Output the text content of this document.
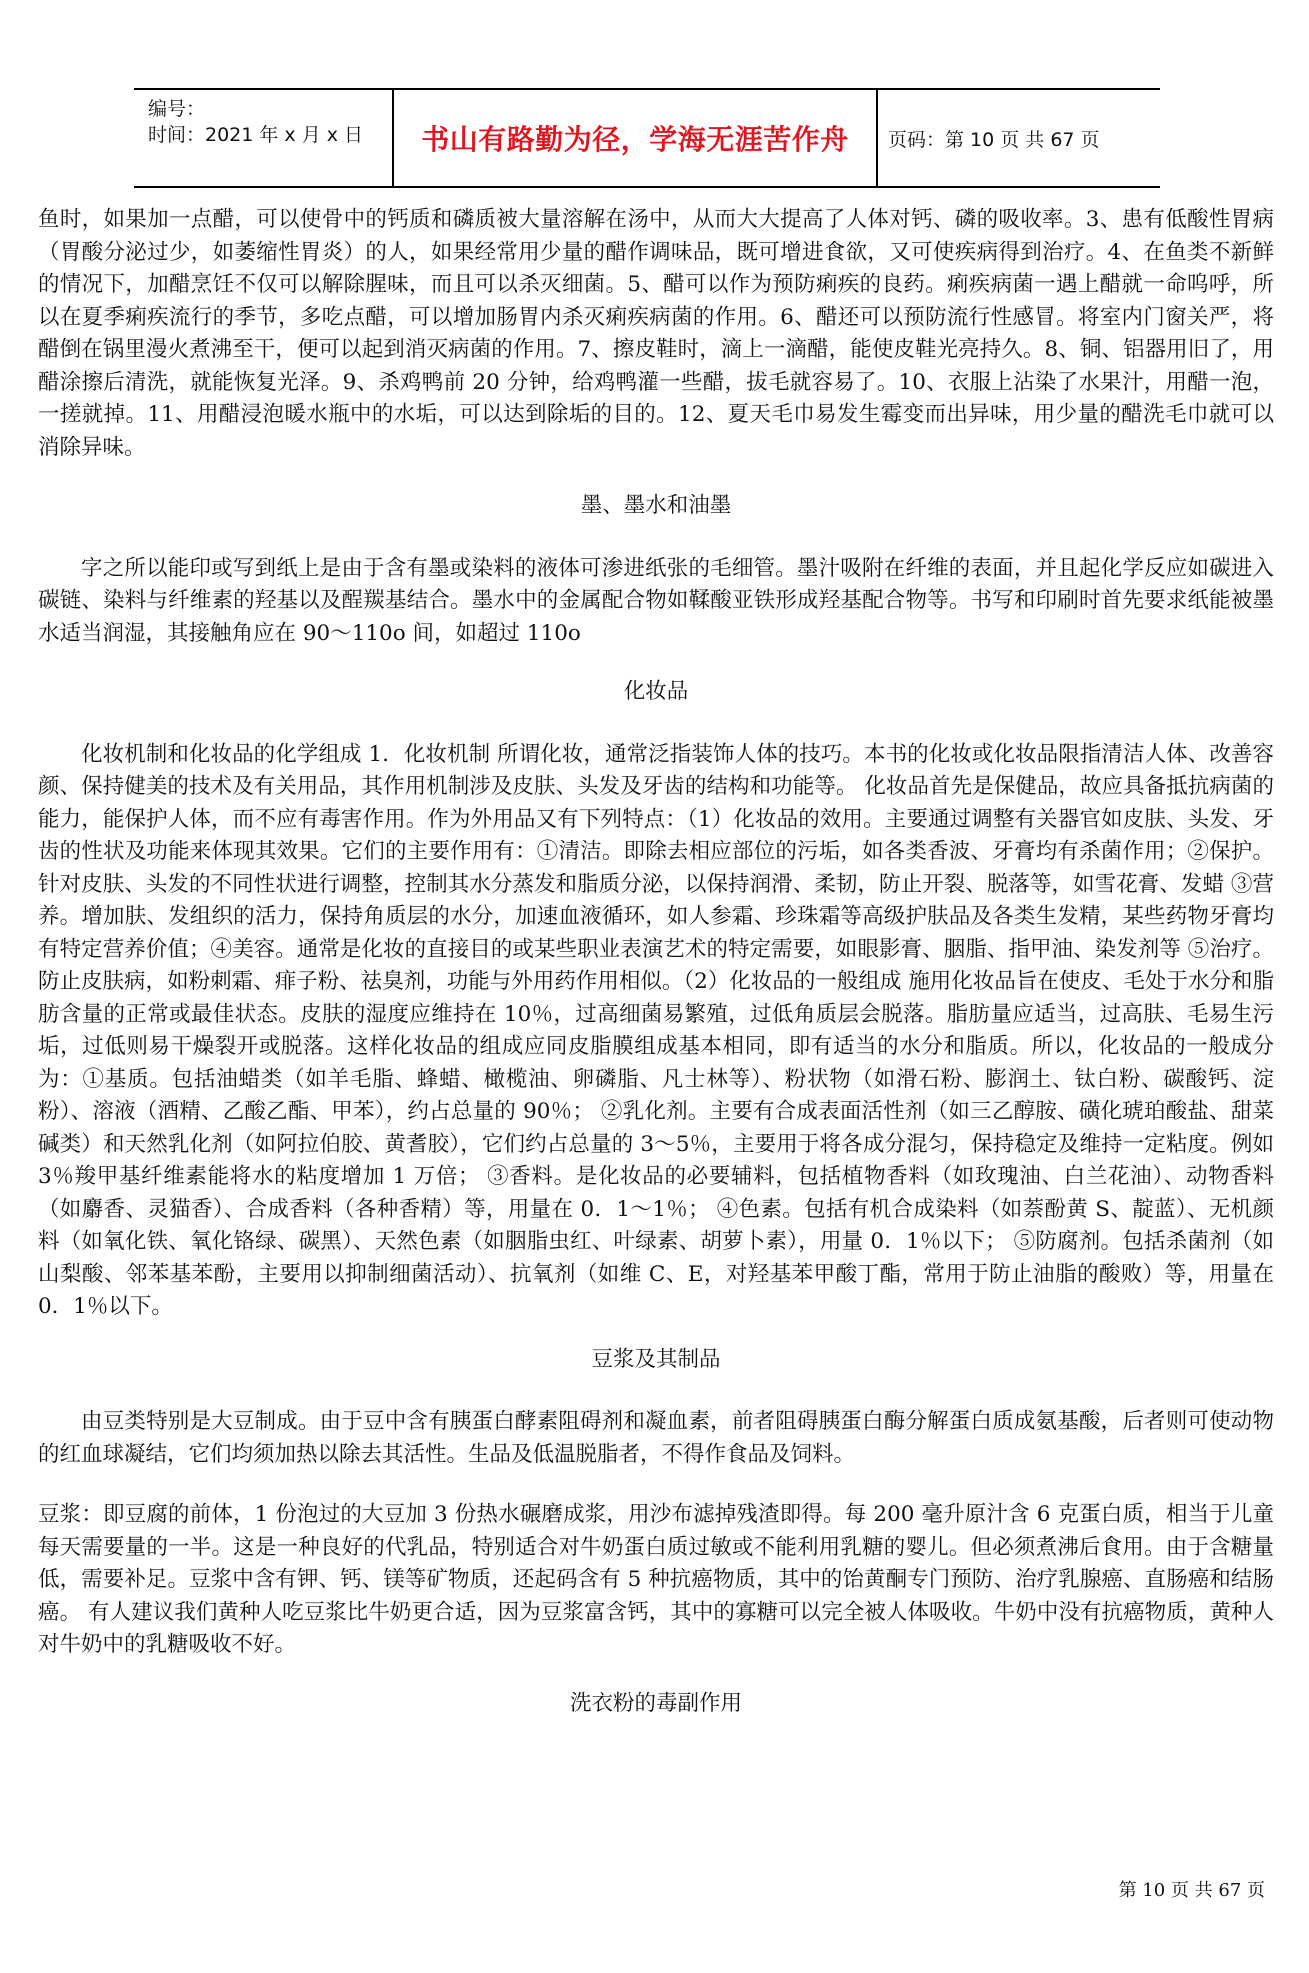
编号：
时间：2021 年 x 月 x 日	书山有路勤为径，学海无涯苦作舟	页码：第 10 页 共 67 页

鱼时，如果加一点醋，可以使骨中的钙质和磷质被大量溶解在汤中，从而大大提高了人体对钙、磷的吸收率。3、患有低酸性胃病（胃酸分泌过少，如萎缩性胃炎）的人，如果经常用少量的醋作调味品，既可增进食欲，又可使疾病得到治疗。4、在鱼类不新鲜的情况下，加醋烹饪不仅可以解除腥味，而且可以杀灭细菌。5、醋可以作为预防痢疾的良药。痢疾病菌一遇上醋就一命呜呼，所以在夏季痢疾流行的季节，多吃点醋，可以增加肠胃内杀灭痢疾病菌的作用。6、醋还可以预防流行性感冒。将室内门窗关严，将醋倒在锅里漫火煮沸至干，便可以起到消灭病菌的作用。7、擦皮鞋时，滴上一滴醋，能使皮鞋光亮持久。8、铜、铝器用旧了，用醋涂擦后清洗，就能恢复光泽。9、杀鸡鸭前 20 分钟，给鸡鸭灌一些醋，拔毛就容易了。10、衣服上沾染了水果汁，用醋一泡，一搓就掉。11、用醋浸泡暖水瓶中的水垢，可以达到除垢的目的。12、夏天毛巾易发生霉变而出异味，用少量的醋洗毛巾就可以消除异味。

墨、墨水和油墨

字之所以能印或写到纸上是由于含有墨或染料的液体可渗进纸张的毛细管。墨汁吸附在纤维的表面，并且起化学反应如碳进入碳链、染料与纤维素的羟基以及酲羰基结合。墨水中的金属配合物如鞣酸亚铁形成羟基配合物等。书写和印刷时首先要求纸能被墨水适当润湿，其接触角应在 90～110o 间，如超过 110o

化妆品

化妆机制和化妆品的化学组成 1．化妆机制 所谓化妆，通常泛指装饰人体的技巧。本书的化妆或化妆品限指清洁人体、改善容颜、保持健美的技术及有关用品，其作用机制涉及皮肤、头发及牙齿的结构和功能等。 化妆品首先是保健品，故应具备抵抗病菌的能力，能保护人体，而不应有毒害作用。作为外用品又有下列特点：（1）化妆品的效用。主要通过调整有关器官如皮肤、头发、牙齿的性状及功能来体现其效果。它们的主要作用有：①清洁。即除去相应部位的污垢，如各类香波、牙膏均有杀菌作用；②保护。针对皮肤、头发的不同性状进行调整，控制其水分蒸发和脂质分泌，以保持润滑、柔韧，防止开裂、脱落等，如雪花膏、发蜡 ③营养。增加肤、发组织的活力，保持角质层的水分，加速血液循环，如人参霜、珍珠霜等高级护肤品及各类生发精，某些药物牙膏均有特定营养价值；④美容。通常是化妆的直接目的或某些职业表演艺术的特定需要，如眼影膏、胭脂、指甲油、染发剂等 ⑤治疗。防止皮肤病，如粉刺霜、痱子粉、祛臭剂，功能与外用药作用相似。（2）化妆品的一般组成 施用化妆品旨在使皮、毛处于水分和脂肪含量的正常或最佳状态。皮肤的湿度应维持在 10％，过高细菌易繁殖，过低角质层会脱落。脂肪量应适当，过高肤、毛易生污垢，过低则易干燥裂开或脱落。这样化妆品的组成应同皮脂膜组成基本相同，即有适当的水分和脂质。所以，化妆品的一般成分为：①基质。包括油蜡类（如羊毛脂、蜂蜡、橄榄油、卵磷脂、凡士林等）、粉状物（如滑石粉、膨润土、钛白粉、碳酸钙、淀粉）、溶液（酒精、乙酸乙酯、甲苯），约占总量的 90％； ②乳化剂。主要有合成表面活性剂（如三乙醇胺、磺化琥珀酸盐、甜菜碱类）和天然乳化剂（如阿拉伯胶、黄耆胶），它们约占总量的 3～5％，主要用于将各成分混匀，保持稳定及维持一定粘度。例如 3％羧甲基纤维素能将水的粘度增加 1 万倍； ③香料。是化妆品的必要辅料，包括植物香料（如玫瑰油、白兰花油）、动物香料（如麝香、灵猫香）、合成香料（各种香精）等，用量在 0．1～1％； ④色素。包括有机合成染料（如萘酚黄 S、靛蓝）、无机颜料（如氧化铁、氧化铬绿、碳黑）、天然色素（如胭脂虫红、叶绿素、胡萝卜素），用量 0．1％以下； ⑤防腐剂。包括杀菌剂（如山梨酸、邻苯基苯酚，主要用以抑制细菌活动）、抗氧剂（如维 C、E，对羟基苯甲酸丁酯，常用于防止油脂的酸败）等，用量在 0．1％以下。

豆浆及其制品

由豆类特别是大豆制成。由于豆中含有胰蛋白酵素阻碍剂和凝血素，前者阻碍胰蛋白酶分解蛋白质成氨基酸，后者则可使动物的红血球凝结，它们均须加热以除去其活性。生品及低温脱脂者，不得作食品及饲料。

豆浆：即豆腐的前体，1 份泡过的大豆加 3 份热水碾磨成浆，用沙布滤掉残渣即得。每 200 毫升原汁含 6 克蛋白质，相当于儿童每天需要量的一半。这是一种良好的代乳品，特别适合对牛奶蛋白质过敏或不能利用乳糖的婴儿。但必须煮沸后食用。由于含糖量低，需要补足。豆浆中含有钾、钙、镁等矿物质，还起码含有 5 种抗癌物质，其中的饴黄酮专门预防、治疗乳腺癌、直肠癌和结肠癌。 有人建议我们黄种人吃豆浆比牛奶更合适，因为豆浆富含钙，其中的寡糖可以完全被人体吸收。牛奶中没有抗癌物质，黄种人对牛奶中的乳糖吸收不好。

洗衣粉的毒副作用
第 10 页 共 67 页
